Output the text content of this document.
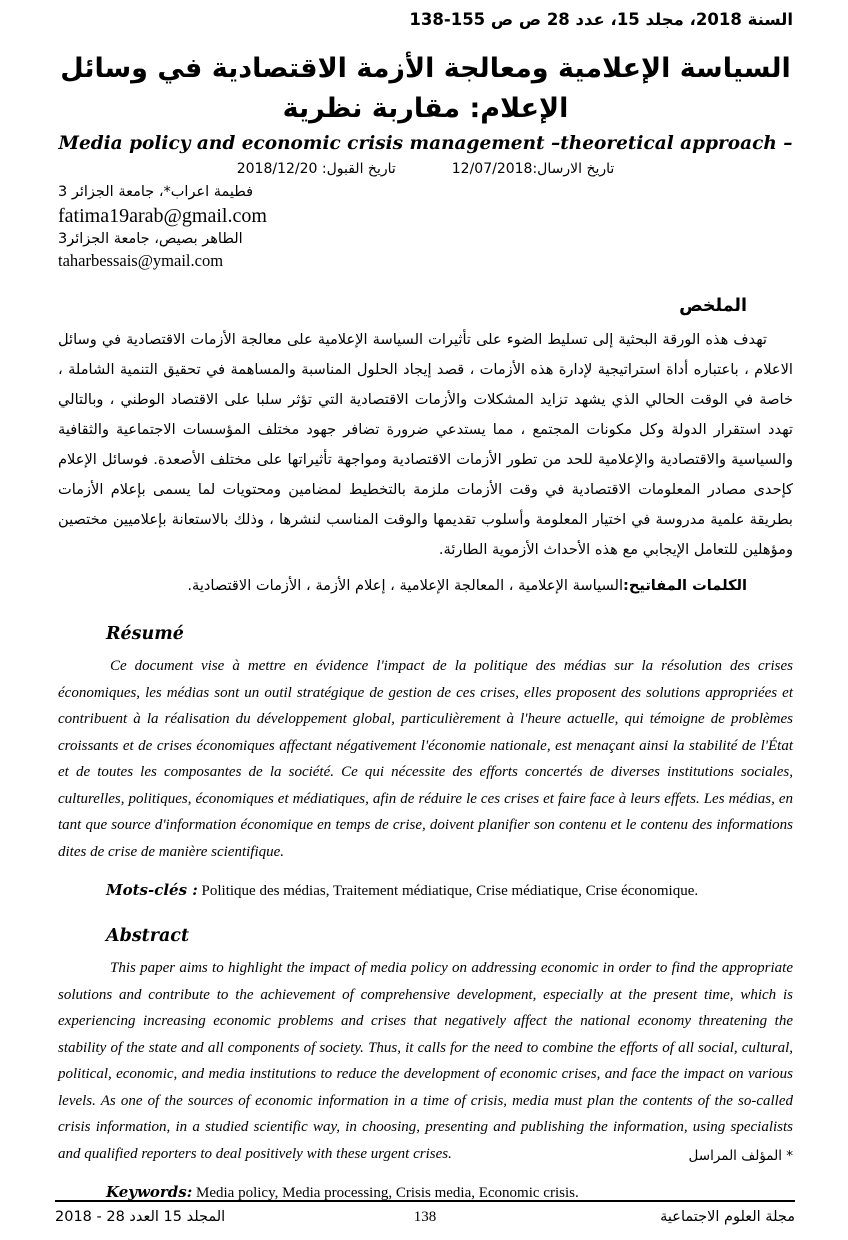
السنة 2018، مجلد 15، عدد 28 ص ص 155-138
السياسة الإعلامية ومعالجة الأزمة الاقتصادية في وسائل الإعلام: مقاربة نظرية
Media policy and economic crisis management –theoretical approach –
تاريخ الارسال:12/07/2018
تاريخ القبول: 2018/12/20
فطيمة اعراب*، جامعة الجزائر 3
fatima19arab@gmail.com
الطاهر بصيص، جامعة الجزائر3
taharbessais@ymail.com
الملخص
تهدف هذه الورقة البحثية إلى تسليط الضوء على تأثيرات السياسة الإعلامية على معالجة الأزمات الاقتصادية في وسائل الاعلام ، باعتباره أداة استراتيجية لإدارة هذه الأزمات ، قصد إيجاد الحلول المناسبة والمساهمة في تحقيق التنمية الشاملة ، خاصة في الوقت الحالي الذي يشهد تزايد المشكلات والأزمات الاقتصادية التي تؤثر سلبا على الاقتصاد الوطني ، وبالتالي تهدد استقرار الدولة وكل مكونات المجتمع ، مما يستدعي ضرورة تضافر جهود مختلف المؤسسات الاجتماعية والثقافية والسياسية والاقتصادية والإعلامية للحد من تطور الأزمات الاقتصادية ومواجهة تأثيراتها على مختلف الأصعدة. فوسائل الإعلام كإحدى مصادر المعلومات الاقتصادية في وقت الأزمات ملزمة بالتخطيط لمضامين ومحتويات لما يسمى بإعلام الأزمات بطريقة علمية مدروسة في اختيار المعلومة وأسلوب تقديمها والوقت المناسب لنشرها ، وذلك بالاستعانة بإعلاميين مختصين ومؤهلين للتعامل الإيجابي مع هذه الأحداث الأزموية الطارئة.
الكلمات المفاتيح:السياسة الإعلامية ، المعالجة الإعلامية ، إعلام الأزمة ، الأزمات الاقتصادية.
Résumé
Ce document vise à mettre en évidence l'impact de la politique des médias sur la résolution des crises économiques, les médias sont un outil stratégique de gestion de ces crises, elles proposent des solutions appropriées et contribuent à la réalisation du développement global, particulièrement à l'heure actuelle, qui témoigne de problèmes croissants et de crises économiques affectant négativement l'économie nationale, est menaçant ainsi la stabilité de l'État et de toutes les composantes de la société. Ce qui nécessite des efforts concertés de diverses institutions sociales, culturelles, politiques, économiques et médiatiques, afin de réduire le ces crises et faire face à leurs effets. Les médias, en tant que source d'information économique en temps de crise, doivent planifier son contenu et le contenu des informations dites de crise de manière scientifique.
Mots-clés : Politique des médias, Traitement médiatique, Crise médiatique, Crise économique.
Abstract
This paper aims to highlight the impact of media policy on addressing economic in order to find the appropriate solutions and contribute to the achievement of comprehensive development, especially at the present time, which is experiencing increasing economic problems and crises that negatively affect the national economy threatening the stability of the state and all components of society. Thus, it calls for the need to combine the efforts of all social, cultural, political, economic, and media institutions to reduce the development of economic crises, and face the impact on various levels. As one of the sources of economic information in a time of crisis, media must plan the contents of the so-called crisis information, in a studied scientific way, in choosing, presenting and publishing the information, using specialists and qualified reporters to deal positively with these urgent crises.
Keywords: Media policy, Media processing, Crisis media, Economic crisis.
* المؤلف المراسل
المجلد 15 العدد 28 - 2018	138	مجلة العلوم الاجتماعية
